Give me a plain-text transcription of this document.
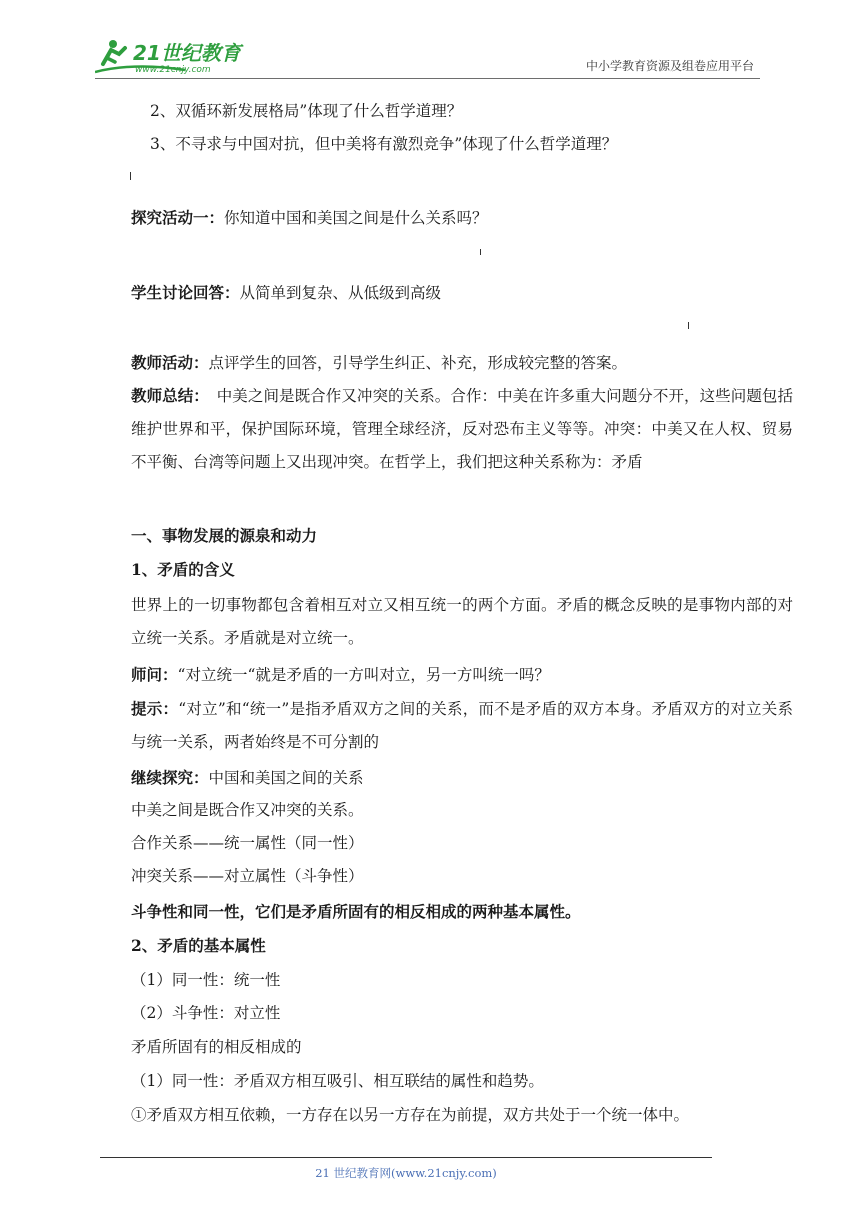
21世纪教育
www.21cnjy.com	中小学教育资源及组卷应用平台
2、双循环新发展格局”体现了什么哲学道理？
3、不寻求与中国对抗，但中美将有激烈竞争”体现了什么哲学道理？
探究活动一：你知道中国和美国之间是什么关系吗？
学生讨论回答：从简单到复杂、从低级到高级
教师活动：点评学生的回答，引导学生纠正、补充，形成较完整的答案。
教师总结：　中美之间是既合作又冲突的关系。合作：中美在许多重大问题分不开，这些问题包括维护世界和平，保护国际环境，管理全球经济，反对恐布主义等等。冲突：中美又在人权、贸易不平衡、台湾等问题上又出现冲突。在哲学上，我们把这种关系称为：矛盾
一、事物发展的源泉和动力
1、矛盾的含义
世界上的一切事物都包含着相互对立又相互统一的两个方面。矛盾的概念反映的是事物内部的对立统一关系。矛盾就是对立统一。
师问：“对立统一“就是矛盾的一方叫对立，另一方叫统一吗？
提示：“对立”和“统一”是指矛盾双方之间的关系，而不是矛盾的双方本身。矛盾双方的对立关系与统一关系，两者始终是不可分割的
继续探究：中国和美国之间的关系
中美之间是既合作又冲突的关系。
合作关系——统一属性（同一性）
冲突关系——对立属性（斗争性）
斗争性和同一性，它们是矛盾所固有的相反相成的两种基本属性。
2、矛盾的基本属性
（1）同一性：统一性
（2）斗争性：对立性
矛盾所固有的相反相成的
（1）同一性：矛盾双方相互吸引、相互联结的属性和趋势。
①矛盾双方相互依赖，一方存在以另一方存在为前提，双方共处于一个统一体中。
21 世纪教育网(www.21cnjy.com)
